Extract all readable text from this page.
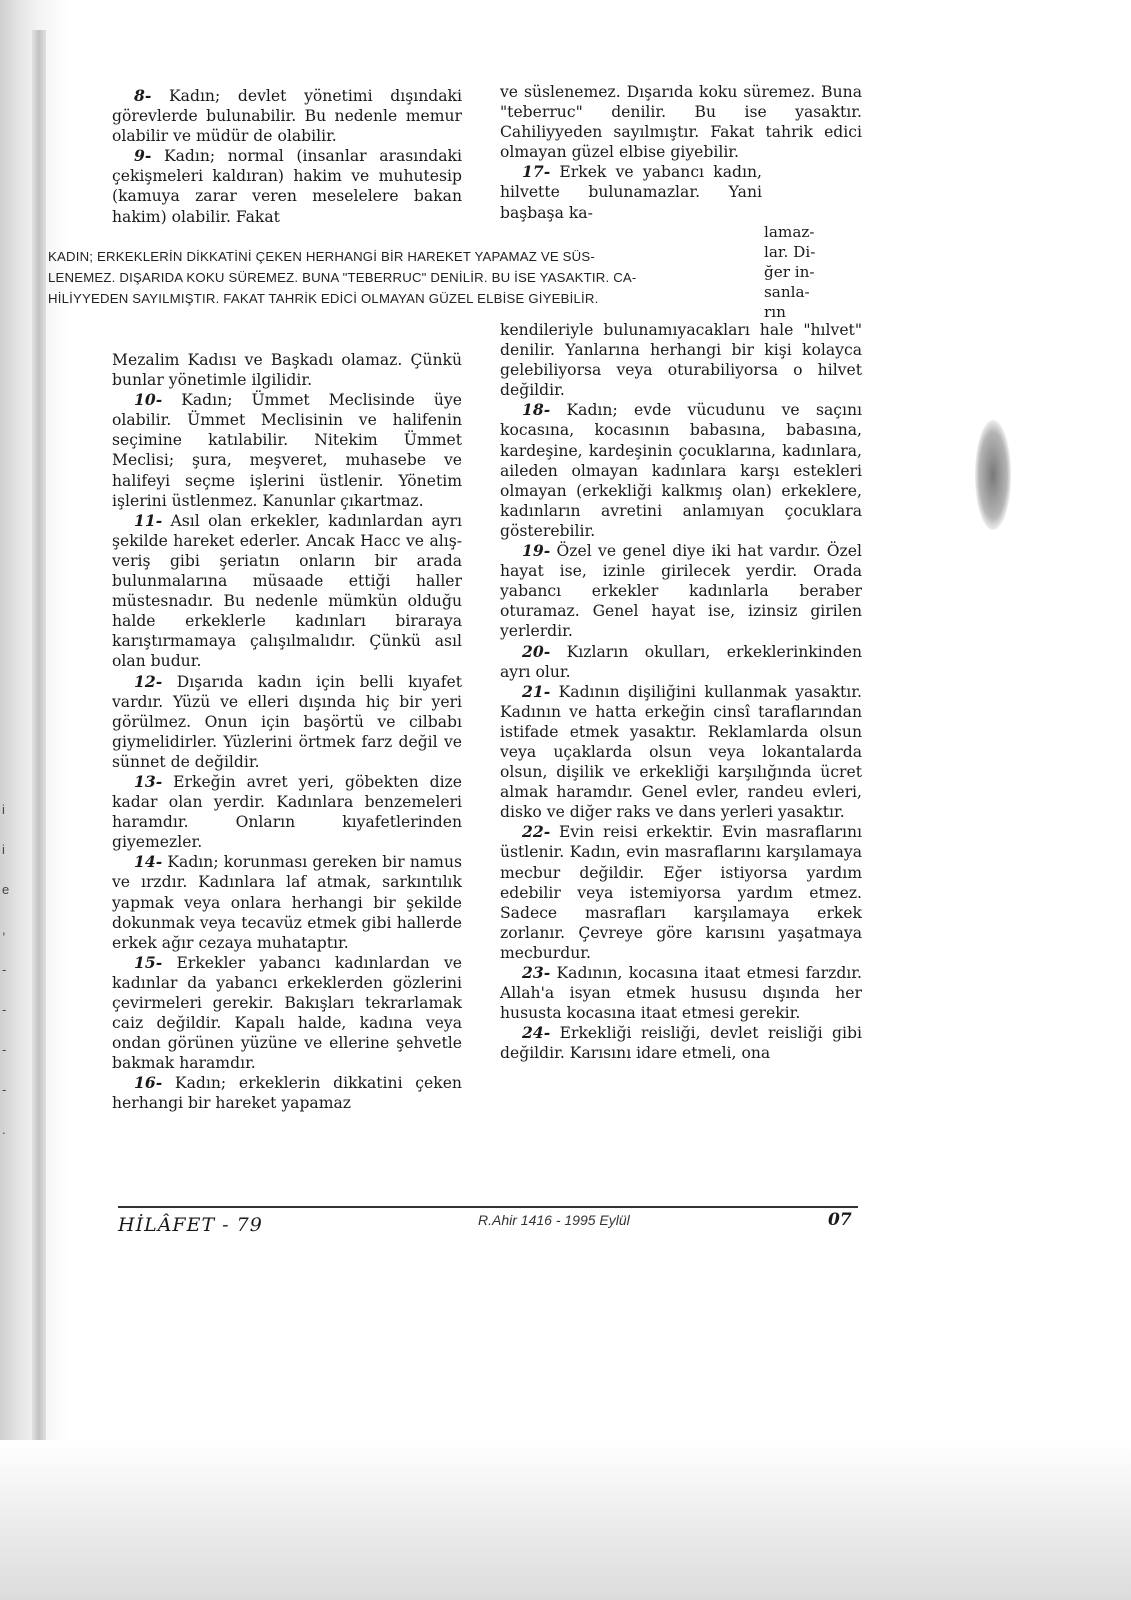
i
i
e
,
-
-
-
-
.

8- Kadın; devlet yönetimi dışındaki görevlerde bulunabilir. Bu nedenle memur olabilir ve müdür de olabilir.

9- Kadın; normal (insanlar arasındaki çekişmeleri kaldıran) hakim ve muhutesip (kamuya zarar veren meselelere bakan hakim) olabilir. Fakat

ve süslenemez. Dışarıda koku süremez. Buna "teberruc" denilir. Bu ise yasaktır. Cahiliyyeden sayılmıştır. Fakat tahrik edici olmayan güzel elbise giyebilir.

17- Erkek ve yabancı kadın, hilvette bulunamazlar. Yani başbaşa ka-

lamaz-

lar. Di-

ğer in-

sanla-

rın

KADIN; ERKEKLERİN DİKKATİNİ ÇEKEN HERHANGİ BİR HAREKET YAPAMAZ VE SÜS-

LENEMEZ. DIŞARIDA KOKU SÜREMEZ. BUNA "TEBERRUC" DENİLİR. BU İSE YASAKTIR. CA-

HİLİYYEDEN SAYILMIŞTIR. FAKAT TAHRİK EDİCİ OLMAYAN GÜZEL ELBİSE GİYEBİLİR.

Mezalim Kadısı ve Başkadı olamaz. Çünkü bunlar yönetimle ilgilidir.

10- Kadın; Ümmet Meclisinde üye olabilir. Ümmet Meclisinin ve halifenin seçimine katılabilir. Nitekim Ümmet Meclisi; şura, meşveret, muhasebe ve halifeyi seçme işlerini üstlenir. Yönetim işlerini üstlenmez. Kanunlar çıkartmaz.

11- Asıl olan erkekler, kadınlardan ayrı şekilde hareket ederler. Ancak Hacc ve alış-veriş gibi şeriatın onların bir arada bulunmalarına müsaade ettiği haller müstesnadır. Bu nedenle mümkün olduğu halde erkeklerle kadınları biraraya karıştırmamaya çalışılmalıdır. Çünkü asıl olan budur.

12- Dışarıda kadın için belli kıyafet vardır. Yüzü ve elleri dışında hiç bir yeri görülmez. Onun için başörtü ve cilbabı giymelidirler. Yüzlerini örtmek farz değil ve sünnet de değildir.

13- Erkeğin avret yeri, göbekten dize kadar olan yerdir. Kadınlara benzemeleri haramdır. Onların kıyafetlerinden giyemezler.

14- Kadın; korunması gereken bir namus ve ırzdır. Kadınlara laf atmak, sarkıntılık yapmak veya onlara herhangi bir şekilde dokunmak veya tecavüz etmek gibi hallerde erkek ağır cezaya muhataptır.

15- Erkekler yabancı kadınlardan ve kadınlar da yabancı erkeklerden gözlerini çevirmeleri gerekir. Bakışları tekrarlamak caiz değildir. Kapalı halde, kadına veya ondan görünen yüzüne ve ellerine şehvetle bakmak haramdır.

16- Kadın; erkeklerin dikkatini çeken herhangi bir hareket yapamaz

kendileriyle bulunamıyacakları hale "hılvet" denilir. Yanlarına herhangi bir kişi kolayca gelebiliyorsa veya oturabiliyorsa o hilvet değildir.

18- Kadın; evde vücudunu ve saçını kocasına, kocasının babasına, babasına, kardeşine, kardeşinin çocuklarına, kadınlara, aileden olmayan kadınlara karşı estekleri olmayan (erkekliği kalkmış olan) erkeklere, kadınların avretini anlamıyan çocuklara gösterebilir.

19- Özel ve genel diye iki hat vardır. Özel hayat ise, izinle girilecek yerdir. Orada yabancı erkekler kadınlarla beraber oturamaz. Genel hayat ise, izinsiz girilen yerlerdir.

20- Kızların okulları, erkeklerinkinden ayrı olur.

21- Kadının dişiliğini kullanmak yasaktır. Kadının ve hatta erkeğin cinsî taraflarından istifade etmek yasaktır. Reklamlarda olsun veya uçaklarda olsun veya lokantalarda olsun, dişilik ve erkekliği karşılığında ücret almak haramdır. Genel evler, randeu evleri, disko ve diğer raks ve dans yerleri yasaktır.

22- Evin reisi erkektir. Evin masraflarını üstlenir. Kadın, evin masraflarını karşılamaya mecbur değildir. Eğer istiyorsa yardım edebilir veya istemiyorsa yardım etmez. Sadece masrafları karşılamaya erkek zorlanır. Çevreye göre karısını yaşatmaya mecburdur.

23- Kadının, kocasına itaat etmesi farzdır. Allah'a isyan etmek hususu dışında her hususta kocasına itaat etmesi gerekir.

24- Erkekliği reisliği, devlet reisliği gibi değildir. Karısını idare etmeli, ona

HİLÂFET - 79	R.Ahir 1416 - 1995 Eylül	07
